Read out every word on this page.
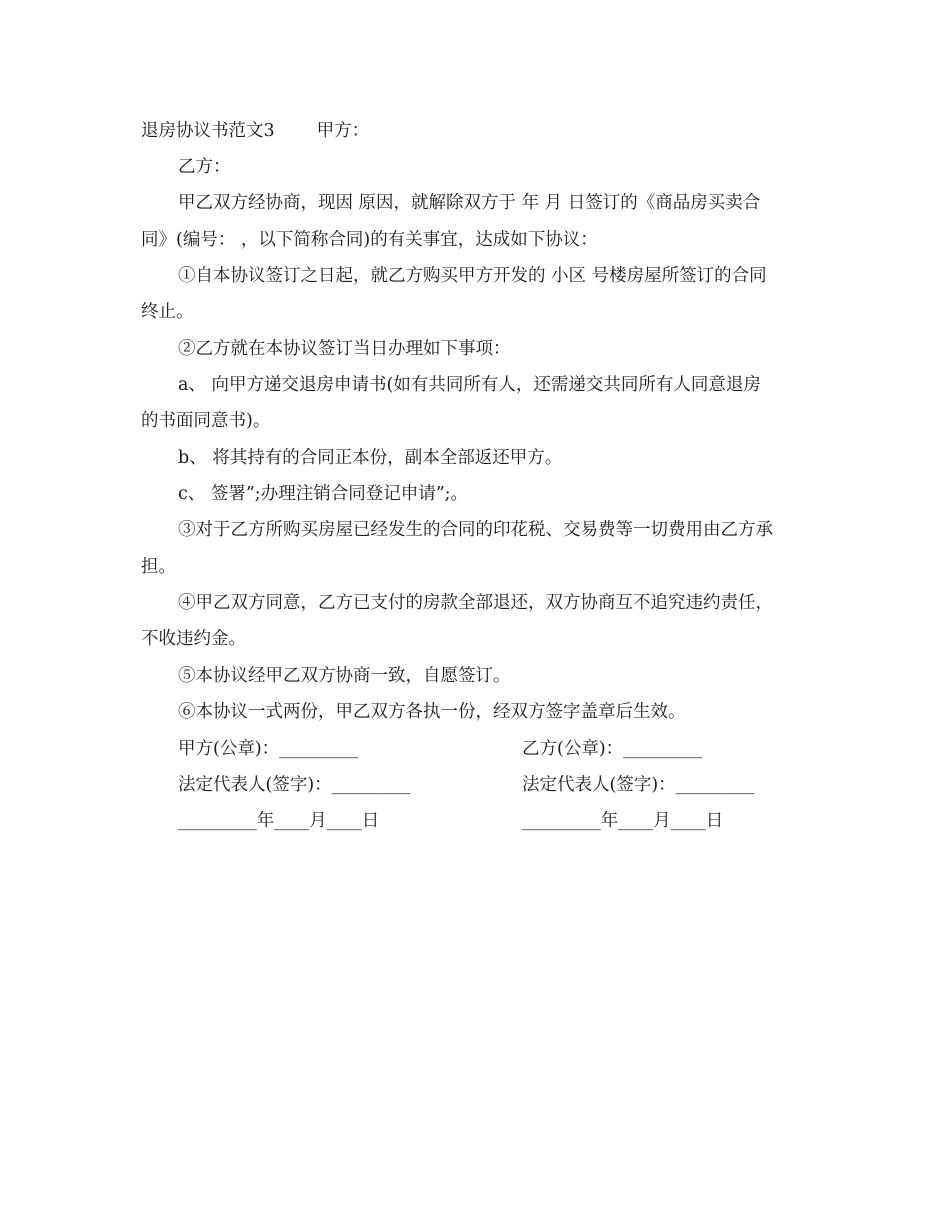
退房协议书范文3 甲方：
乙方：
甲乙双方经协商，现因 原因，就解除双方于 年 月 日签订的《商品房买卖合
同》(编号： ，以下简称合同)的有关事宜，达成如下协议：
①自本协议签订之日起，就乙方购买甲方开发的 小区 号楼房屋所签订的合同
终止。
②乙方就在本协议签订当日办理如下事项：
a、 向甲方递交退房申请书(如有共同所有人，还需递交共同所有人同意退房
的书面同意书)。
b、 将其持有的合同正本份，副本全部返还甲方。
c、 签署”;办理注销合同登记申请”;。
③对于乙方所购买房屋已经发生的合同的印花税、交易费等一切费用由乙方承
担。
④甲乙双方同意，乙方已支付的房款全部退还，双方协商互不追究违约责任，
不收违约金。
⑤本协议经甲乙双方协商一致，自愿签订。
⑥本协议一式两份，甲乙双方各执一份，经双方签字盖章后生效。
甲方(公章)：_________	乙方(公章)：_________
法定代表人(签字)：_________	法定代表人(签字)：_________
_________年____月____日	_________年____月____日
